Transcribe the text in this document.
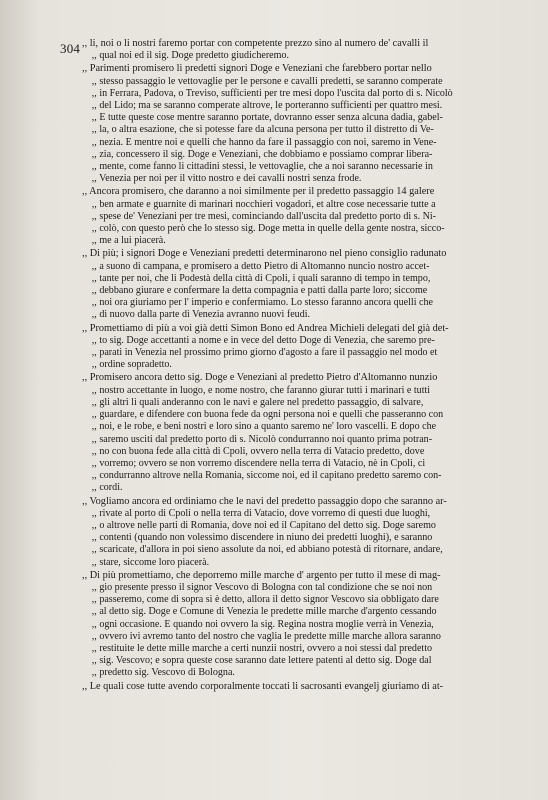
304 ,, li, noi o li nostri faremo portar con competente prezzo sino al numero de' cavalli il
,, qual noi ed il sig. Doge predetto giudicheremo.
,, Parimenti promisero li predetti signori Doge e Veneziani che farebbero portar nello
,, stesso passaggio le vettovaglie per le persone e cavalli predetti, se saranno comperate
,, in Ferrara, Padova, o Treviso, sufficienti per tre mesi dopo l'uscita dal porto di s. Nicolò
,, del Lido; ma se saranno comperate altrove, le porteranno sufficienti per quattro mesi.
,, E tutte queste cose mentre saranno portate, dovranno esser senza alcuna dadia, gabel-
,, la, o altra esazione, che si potesse fare da alcuna persona per tutto il distretto di Ve-
,, nezia. E mentre noi e quelli che hanno da fare il passaggio con noi, saremo in Vene-
,, zia, concessero il sig. Doge e Veneziani, che dobbiamo e possiamo comprar libera-
,, mente, come fanno li cittadini stessi, le vettovaglie, che a noi saranno necessarie in
,, Venezia per noi per il vitto nostro e dei cavalli nostri senza frode.
,, Ancora promisero, che daranno a noi similmente per il predetto passaggio 14 galere
,, ben armate e guarnite di marinari nocchieri vogadori, et altre cose necessarie tutte a
,, spese de' Veneziani per tre mesi, cominciando dall'uscita dal predetto porto di s. Ni-
,, colò, con questo però che lo stesso sig. Doge metta in quelle della gente nostra, sicco-
,, me a lui piacerà.
,, Di più; i signori Doge e Veneziani predetti determinarono nel pieno consiglio radunato
,, a suono di campana, e promisero a detto Pietro di Altomanno nuncio nostro accet-
,, tante per noi, che li Podestà della città di Cpoli, i quali saranno di tempo in tempo,
,, debbano giurare e confermare la detta compagnia e patti dalla parte loro; siccome
,, noi ora giuriamo per l' imperio e confermiamo. Lo stesso faranno ancora quelli che
,, di nuovo dalla parte di Venezia avranno nuovi feudi.
,, Promettiamo di più a voi già detti Simon Bono ed Andrea Michieli delegati del già det-
,, to sig. Doge accettanti a nome e in vece del detto Doge di Venezia, che saremo pre-
,, parati in Venezia nel prossimo primo giorno d'agosto a fare il passaggio nel modo et
,, ordine sopradetto.
,, Promisero ancora detto sig. Doge e Veneziani al predetto Pietro d'Altomanno nunzio
,, nostro accettante in luogo, e nome nostro, che faranno giurar tutti i marinari e tutti
,, gli altri li quali anderanno con le navi e galere nel predetto passaggio, di salvare,
,, guardare, e difendere con buona fede da ogni persona noi e quelli che passeranno con
,, noi, e le robe, e beni nostri e loro sino a quanto saremo ne' loro vascelli. E dopo che
,, saremo usciti dal predetto porto di s. Nicolò condurranno noi quanto prima potran-
,, no con buona fede alla città di Cpoli, ovvero nella terra di Vatacio predetto, dove
,, vorremo; ovvero se non vorremo discendere nella terra di Vatacio, nè in Cpoli, ci
,, condurranno altrove nella Romania, siccome noi, ed il capitano predetto saremo con-
,, cordi.
,, Vogliamo ancora ed ordiniamo che le navi del predetto passaggio dopo che saranno ar-
,, rivate al porto di Cpoli o nella terra di Vatacio, dove vorremo di questi due luoghi,
,, o altrove nelle parti di Romania, dove noi ed il Capitano del detto sig. Doge saremo
,, contenti (quando non volessimo discendere in niuno dei predetti luoghi), e saranno
,, scaricate, d'allora in poi sieno assolute da noi, ed abbiano potestà di ritornare, andare,
,, stare, siccome loro piacerà.
,, Di più promettiamo, che deporremo mille marche d' argento per tutto il mese di mag-
,, gio presente presso il signor Vescovo di Bologna con tal condizione che se noi non
,, passeremo, come di sopra si è detto, allora il detto signor Vescovo sia obbligato dare
,, al detto sig. Doge e Comune di Venezia le predette mille marche d'argento cessando
,, ogni occasione. E quando noi ovvero la sig. Regina nostra moglie verrà in Venezia,
,, ovvero ivi avremo tanto del nostro che vaglia le predette mille marche allora saranno
,, restituite le dette mille marche a certi nunzii nostri, ovvero a noi stessi dal predetto
,, sig. Vescovo; e sopra queste cose saranno date lettere patenti al detto sig. Doge dal
,, predetto sig. Vescovo di Bologna.
,, Le quali cose tutte avendo corporalmente toccati li sacrosanti evangelj giuriamo di at-
